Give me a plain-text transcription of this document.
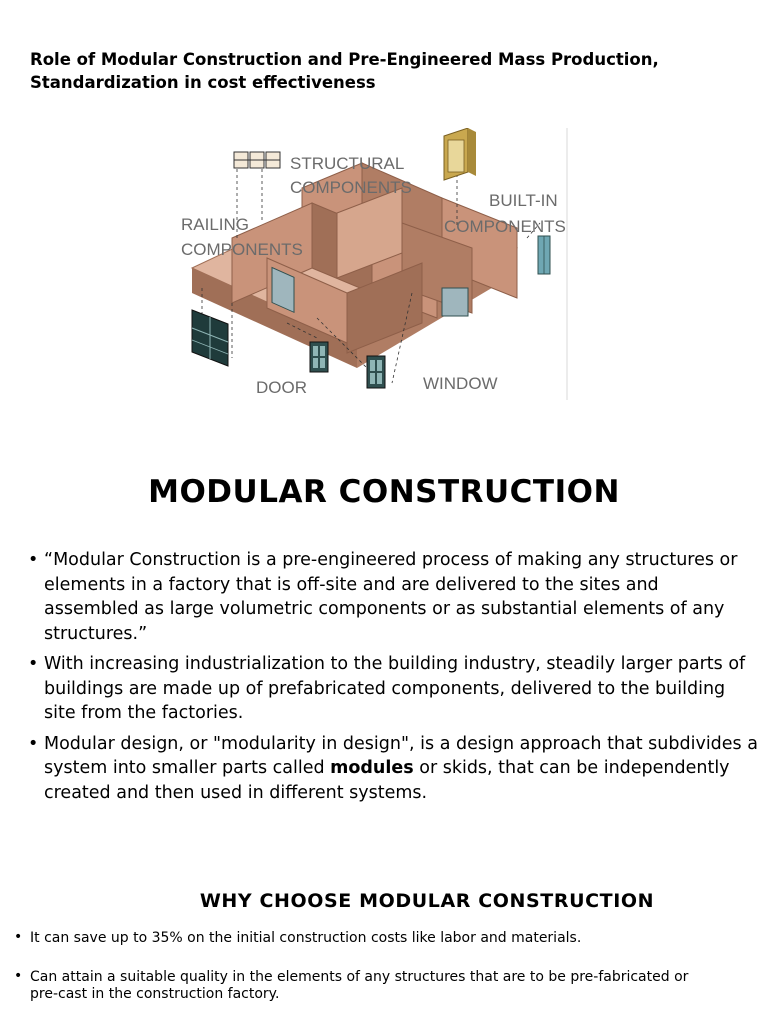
Role of Modular Construction and Pre-Engineered Mass Production,
Standardization in cost effectiveness
STRUCTURAL
COMPONENTS
RAILING
COMPONENTS
BUILT-IN
COMPONENTS
DOOR	WINDOW
MODULAR CONSTRUCTION
• “Modular Construction is a pre-engineered process of making any structures or elements in a factory that is off-site and are delivered to the sites and assembled as large volumetric components or as substantial elements of any structures.”
• With increasing industrialization to the building industry, steadily larger parts of buildings are made up of prefabricated components, delivered to the building site from the factories.
• Modular design, or "modularity in design", is a design approach that subdivides a system into smaller parts called modules or skids, that can be independently created and then used in different systems.
WHY CHOOSE MODULAR CONSTRUCTION
• It can save up to 35% on the initial construction costs like labor and materials.
• Can attain a suitable quality in the elements of any structures that are to be pre-fabricated or pre-cast in the construction factory.
